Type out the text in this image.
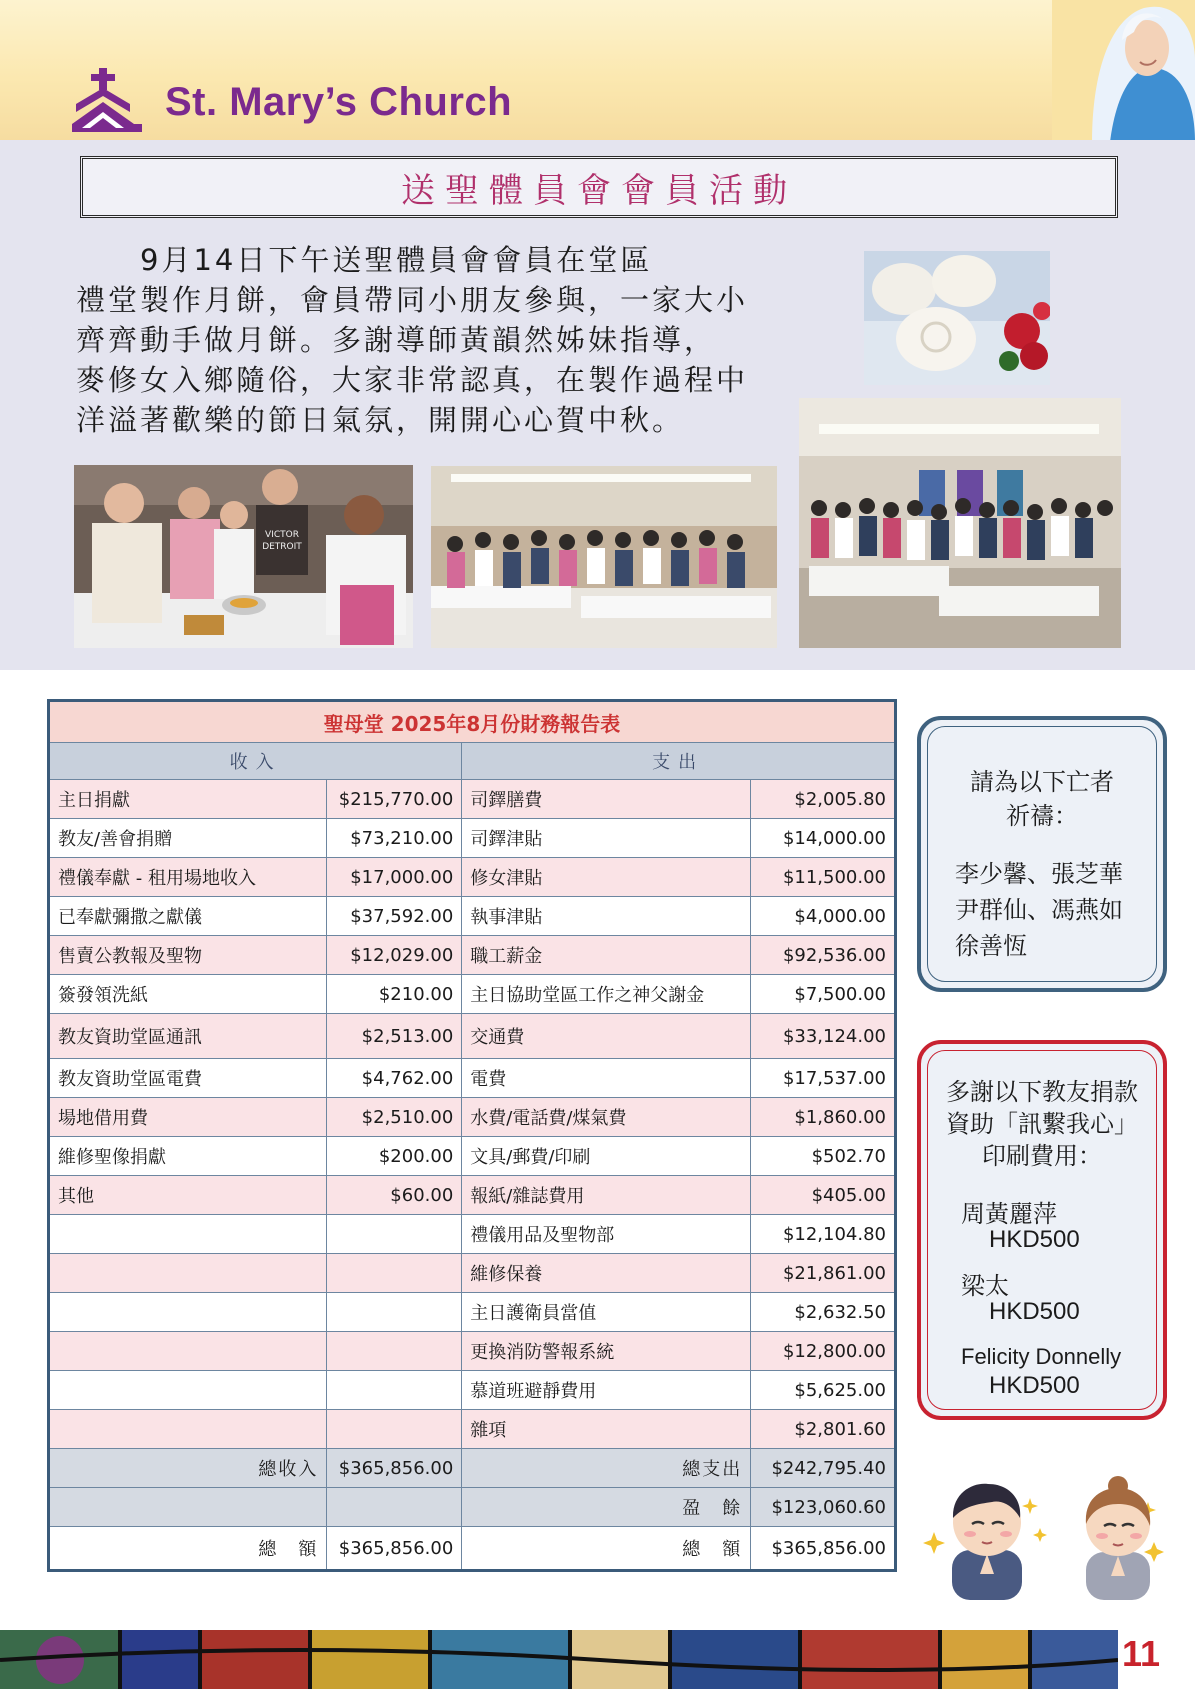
St. Mary’s Church
送聖體員會會員活動

　　9月14日下午送聖體員會會員在堂區

禮堂製作月餅，會員帶同小朋友參與，一家大小

齊齊動手做月餅。多謝導師黃韻然姊妹指導，

麥修女入鄉隨俗，大家非常認真，在製作過程中

洋溢著歡樂的節日氣氛，開開心心賀中秋。

VICTOR
DETROIT
聖母堂 2025年8月份財務報告表			
收入		支出	
主日捐獻	$215,770.00	司鐸膳費	$2,005.80
教友/善會捐贈	$73,210.00	司鐸津貼	$14,000.00
禮儀奉獻 - 租用場地收入	$17,000.00	修女津貼	$11,500.00
已奉獻彌撒之獻儀	$37,592.00	執事津貼	$4,000.00
售賣公教報及聖物	$12,029.00	職工薪金	$92,536.00
簽發領洗紙	$210.00	主日協助堂區工作之神父謝金	$7,500.00
教友資助堂區通訊	$2,513.00	交通費	$33,124.00
教友資助堂區電費	$4,762.00	電費	$17,537.00
場地借用費	$2,510.00	水費/電話費/煤氣費	$1,860.00
維修聖像捐獻	$200.00	文具/郵費/印刷	$502.70
其他	$60.00	報紙/雜誌費用	$405.00
		禮儀用品及聖物部	$12,104.80
		維修保養	$21,861.00
		主日護衛員當值	$2,632.50
		更換消防警報系統	$12,800.00
		慕道班避靜費用	$5,625.00
		雜項	$2,801.60
總收入	$365,856.00	總支出	$242,795.40
		盈　餘	$123,060.60
總　額	$365,856.00	總　額	$365,856.00
請為以下亡者
祈禱：
李少馨、張芝華
尹群仙、馮燕如
徐善恆
多謝以下教友捐款
資助「訊繫我心」
印刷費用：
周黃麗萍
HKD500
梁太
HKD500
Felicity Donnelly
HKD500
11
